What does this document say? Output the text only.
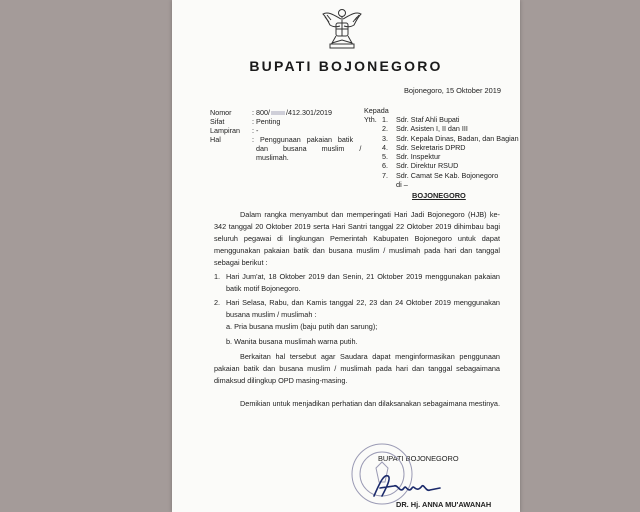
BUPATI BOJONEGORO
Bojonegoro, 15 Oktober 2019
Nomor
Sifat
Lampiran
Hal
: 800/ /412.301/2019
: Penting
: -
: Penggunaan pakaian batik
dan busana muslim /
muslimah.
Kepada
Yth. 1. Sdr. Staf Ahli Bupati
2. Sdr. Asisten I, II dan III
3. Sdr. Kepala Dinas, Badan, dan Bagian
4. Sdr. Sekretaris DPRD
5. Sdr. Inspektur
6. Sdr. Direktur RSUD
7. Sdr. Camat Se Kab. Bojonegoro
di –
BOJONEGORO
Dalam rangka menyambut dan memperingati Hari Jadi Bojonegoro (HJB) ke-342 tanggal 20 Oktober 2019 serta Hari Santri tanggal 22 Oktober 2019 dihimbau bagi seluruh pegawai di lingkungan Pemerintah Kabupaten Bojonegoro untuk dapat menggunakan pakaian batik dan busana muslim / muslimah pada hari dan tanggal sebagai berikut :
1. Hari Jum'at, 18 Oktober 2019 dan Senin, 21 Oktober 2019 menggunakan pakaian batik motif Bojonegoro.
2. Hari Selasa, Rabu, dan Kamis tanggal 22, 23 dan 24 Oktober 2019 menggunakan busana muslim / muslimah :
a. Pria busana muslim (baju putih dan sarung);
b. Wanita busana muslimah warna putih.
Berkaitan hal tersebut agar Saudara dapat menginformasikan penggunaan pakaian batik dan busana muslim / muslimah pada hari dan tanggal sebagaimana dimaksud dilingkup OPD masing-masing.
Demikian untuk menjadikan perhatian dan dilaksanakan sebagaimana mestinya.
BUPATI BOJONEGORO
DR. Hj. ANNA MU'AWANAH
